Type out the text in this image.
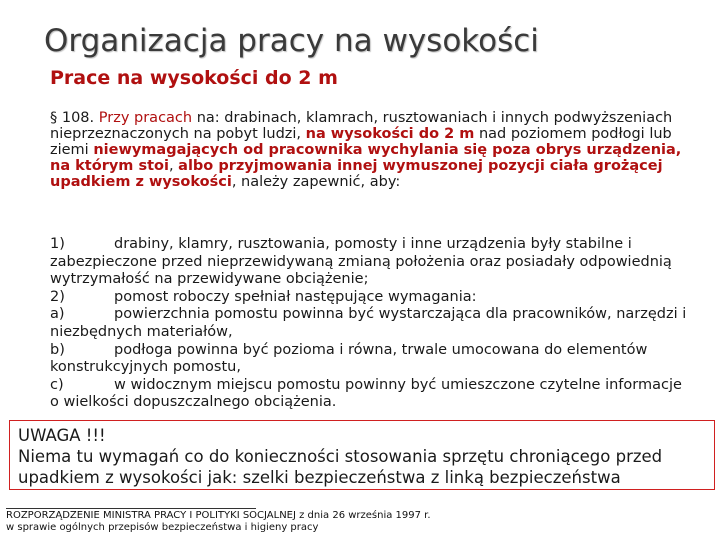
Organizacja pracy na wysokości
Prace na wysokości do 2 m

§ 108. Przy pracach na: drabinach, klamrach, rusztowaniach i innych podwyższeniach nieprzeznaczonych na pobyt ludzi, na wysokości do 2 m nad poziomem podłogi lub ziemi niewymagających od pracownika wychylania się poza obrys urządzenia, na którym stoi, albo przyjmowania innej wymuszonej pozycji ciała grożącej upadkiem z wysokości, należy zapewnić, aby:

1)	drabiny, klamry, rusztowania, pomosty i inne urządzenia były stabilne i zabezpieczone przed nieprzewidywaną zmianą położenia oraz posiadały odpowiednią wytrzymałość na przewidywane obciążenie;

2)	pomost roboczy spełniał następujące wymagania:

a)	powierzchnia pomostu powinna być wystarczająca dla pracowników, narzędzi i niezbędnych materiałów,

b)	podłoga powinna być pozioma i równa, trwale umocowana do elementów konstrukcyjnych pomostu,

c)	w widocznym miejscu pomostu powinny być umieszczone czytelne informacje o wielkości dopuszczalnego obciążenia.

UWAGA !!!

Niema tu wymagań co do konieczności stosowania sprzętu chroniącego przed upadkiem z wysokości jak: szelki bezpieczeństwa z linką bezpieczeństwa

ROZPORZĄDZENIE MINISTRA PRACY I POLITYKI SOCJALNEJ z dnia 26 września 1997 r.

w sprawie ogólnych przepisów bezpieczeństwa i higieny pracy
